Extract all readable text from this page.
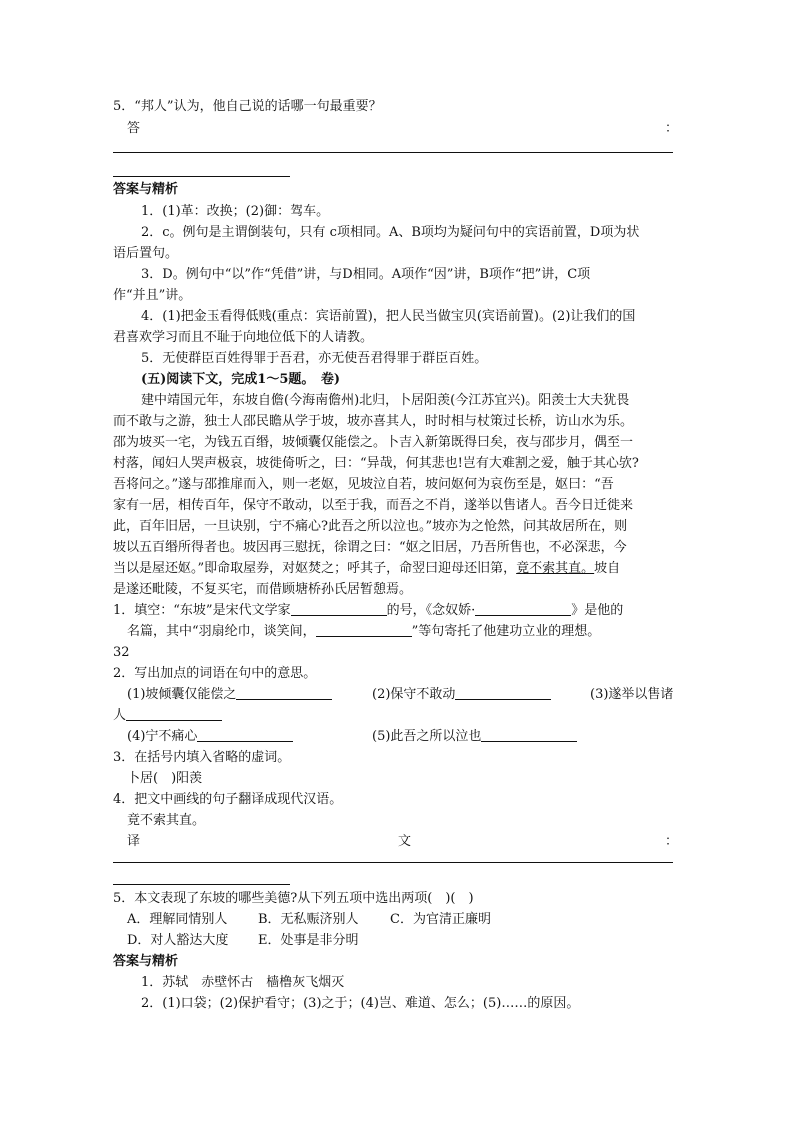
5．“邦人”认为，他自己说的话哪一句最重要？
答	：
答案与精析
1．(1)革：改换；(2)御：驾车。
2．c。例句是主谓倒装句，只有 c项相同。A、B项均为疑问句中的宾语前置，D项为状
语后置句。
3．D。例句中“以”作“凭借”讲，与D相同。A项作“因”讲，B项作“把”讲，C项
作“并且”讲。
4．(1)把金玉看得低贱(重点：宾语前置)，把人民当做宝贝(宾语前置)。(2)让我们的国
君喜欢学习而且不耻于向地位低下的人请教。
5．无使群臣百姓得罪于吾君，亦无使吾君得罪于群臣百姓。
(五)阅读下文，完成1～5题。　卷)
建中靖国元年，东坡自儋(今海南儋州)北归，卜居阳羡(今江苏宜兴)。阳羡士大夫犹畏
而不敢与之游，独士人邵民瞻从学于坡，坡亦喜其人，时时相与杖策过长桥，访山水为乐。
邵为坡买一宅，为钱五百缗，坡倾囊仅能偿之。卜吉入新第既得曰矣，夜与邵步月，偶至一
村落，闻妇人哭声极哀，坡徙倚听之，曰：“异哉，何其悲也!岂有大难割之爱，触于其心欤?
吾将问之。”遂与邵推扉而入，则一老妪，见坡泣自若，坡问妪何为哀伤至是，妪曰：“吾
家有一居，相传百年，保守不敢动，以至于我，而吾之不肖，遂举以售诸人。吾今日迁徙来
此，百年旧居，一旦诀别，宁不痛心?此吾之所以泣也。”坡亦为之怆然，问其故居所在，则
坡以五百缗所得者也。坡因再三慰抚，徐谓之曰：“妪之旧居，乃吾所售也，不必深悲，今
当以是屋还妪。”即命取屋券，对妪焚之；呼其子，命翌曰迎母还旧第，竟不索其直。坡自
是遂还毗陵，不复买宅，而借顾塘桥孙氏居暂憩焉。
1．填空：“东坡”是宋代文学家	的号，《念奴娇·	》是他的
名篇，其中“羽扇纶巾，谈笑间，	”等句寄托了他建功立业的理想。
32
2．写出加点的词语在句中的意思。
(1)坡倾囊仅能偿之	(2)保守不敢动	(3)遂举以售诸
人
(4)宁不痛心	(5)此吾之所以泣也
3．在括号内填入省略的虚词。
卜居(　)阳羡
4．把文中画线的句子翻译成现代汉语。
竟不索其直。
译	文	：
5．本文表现了东坡的哪些美德?从下列五项中选出两项(　)(　)
A．理解同情别人 B．无私赈济别人 C．为官清正廉明
D．对人豁达大度 E．处事是非分明
答案与精析
1．苏轼　赤壁怀古　樯橹灰飞烟灭
2．(1)口袋；(2)保护看守；(3)之于；(4)岂、难道、怎么；(5)……的原因。
